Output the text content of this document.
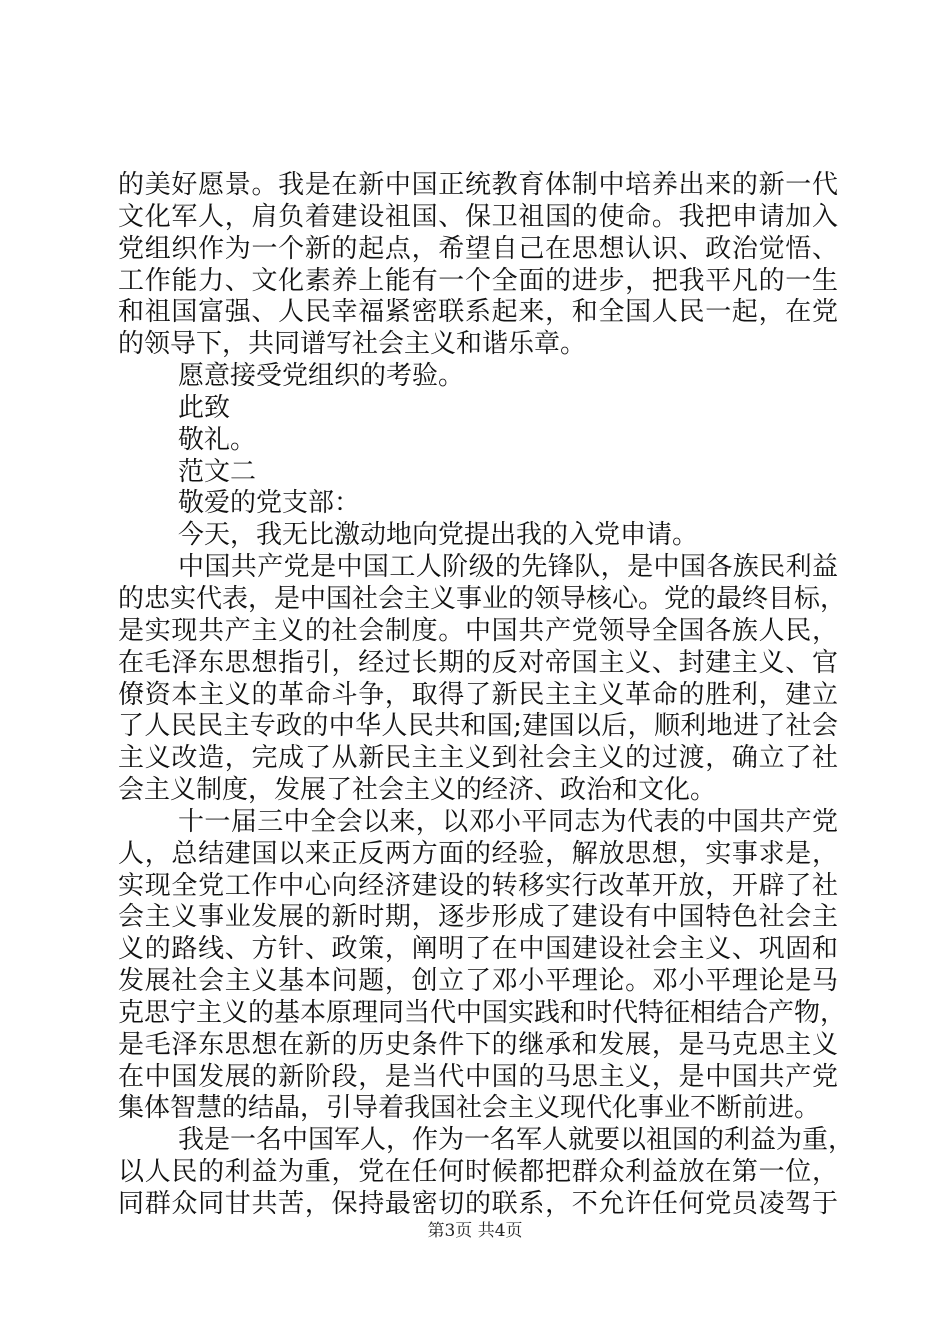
的美好愿景。我是在新中国正统教育体制中培养出来的新一代
文化军人，肩负着建设祖国、保卫祖国的使命。我把申请加入
党组织作为一个新的起点，希望自己在思想认识、政治觉悟、
工作能力、文化素养上能有一个全面的进步，把我平凡的一生
和祖国富强、人民幸福紧密联系起来，和全国人民一起，在党
的领导下，共同谱写社会主义和谐乐章。
愿意接受党组织的考验。
此致
敬礼。
范文二
敬爱的党支部：
今天，我无比激动地向党提出我的入党申请。
中国共产党是中国工人阶级的先锋队，是中国各族民利益
的忠实代表，是中国社会主义事业的领导核心。党的最终目标，
是实现共产主义的社会制度。中国共产党领导全国各族人民，
在毛泽东思想指引，经过长期的反对帝国主义、封建主义、官
僚资本主义的革命斗争，取得了新民主主义革命的胜利，建立
了人民民主专政的中华人民共和国;建国以后，顺利地进了社会
主义改造，完成了从新民主主义到社会主义的过渡，确立了社
会主义制度，发展了社会主义的经济、政治和文化。
十一届三中全会以来，以邓小平同志为代表的中国共产党
人，总结建国以来正反两方面的经验，解放思想，实事求是，
实现全党工作中心向经济建设的转移实行改革开放，开辟了社
会主义事业发展的新时期，逐步形成了建设有中国特色社会主
义的路线、方针、政策，阐明了在中国建设社会主义、巩固和
发展社会主义基本问题，创立了邓小平理论。邓小平理论是马
克思宁主义的基本原理同当代中国实践和时代特征相结合产物，
是毛泽东思想在新的历史条件下的继承和发展，是马克思主义
在中国发展的新阶段，是当代中国的马思主义，是中国共产党
集体智慧的结晶，引导着我国社会主义现代化事业不断前进。
我是一名中国军人，作为一名军人就要以祖国的利益为重，
以人民的利益为重，党在任何时候都把群众利益放在第一位，
同群众同甘共苦，保持最密切的联系，不允许任何党员凌驾于
第3页 共4页
